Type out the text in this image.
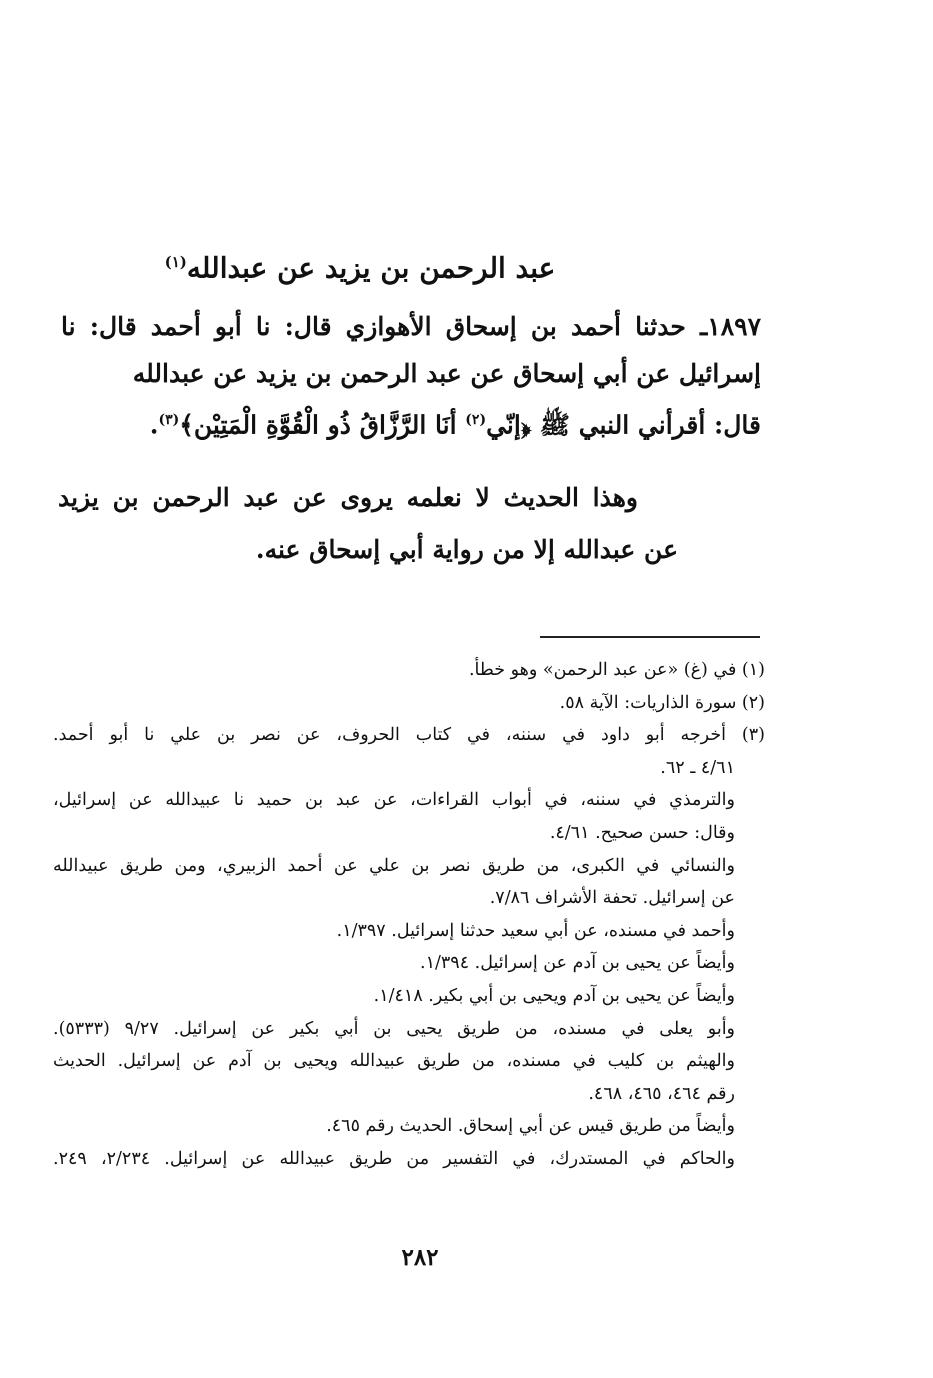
عبد الرحمن بن يزيد عن عبدالله$^{(١)}$
١٨٩٧ـ حدثنا أحمد بن إسحاق الأهوازي قال: نا أبو أحمد قال: نا
إسرائيل عن أبي إسحاق عن عبد الرحمن بن يزيد عن عبدالله
قال: أقرأني النبي ﷺ ﴿إنّي$^{(٢)}$ أنَا الرَّزَّاقُ ذُو الْقُوَّةِ الْمَتِيْن﴾$^{(٣)}$.
وهذا الحديث لا نعلمه يروى عن عبد الرحمن بن يزيد
عن عبدالله إلا من رواية أبي إسحاق عنه.
(١) في (غ) «عن عبد الرحمن» وهو خطأ.
(٢) سورة الذاريات: الآية ٥٨.
(٣) أخرجه أبو داود في سننه، في كتاب الحروف، عن نصر بن علي نا أبو أحمد.
٤/٦١ ـ ٦٢.
والترمذي في سننه، في أبواب القراءات، عن عبد بن حميد نا عبيدالله عن إسرائيل،
وقال: حسن صحيح. ٤/٦١.
والنسائي في الكبرى، من طريق نصر بن علي عن أحمد الزبيري، ومن طريق عبيدالله
عن إسرائيل. تحفة الأشراف ٧/٨٦.
وأحمد في مسنده، عن أبي سعيد حدثنا إسرائيل. ١/٣٩٧.
وأيضاً عن يحيى بن آدم عن إسرائيل. ١/٣٩٤.
وأيضاً عن يحيى بن آدم ويحيى بن أبي بكير. ١/٤١٨.
وأبو يعلى في مسنده، من طريق يحيى بن أبي بكير عن إسرائيل. ٩/٢٧ (٥٣٣٣).
والهيثم بن كليب في مسنده، من طريق عبيدالله ويحيى بن آدم عن إسرائيل. الحديث
رقم ٤٦٤، ٤٦٥، ٤٦٨.
وأيضاً من طريق قيس عن أبي إسحاق. الحديث رقم ٤٦٥.
والحاكم في المستدرك، في التفسير من طريق عبيدالله عن إسرائيل. ٢/٢٣٤، ٢٤٩.
٢٨٢
